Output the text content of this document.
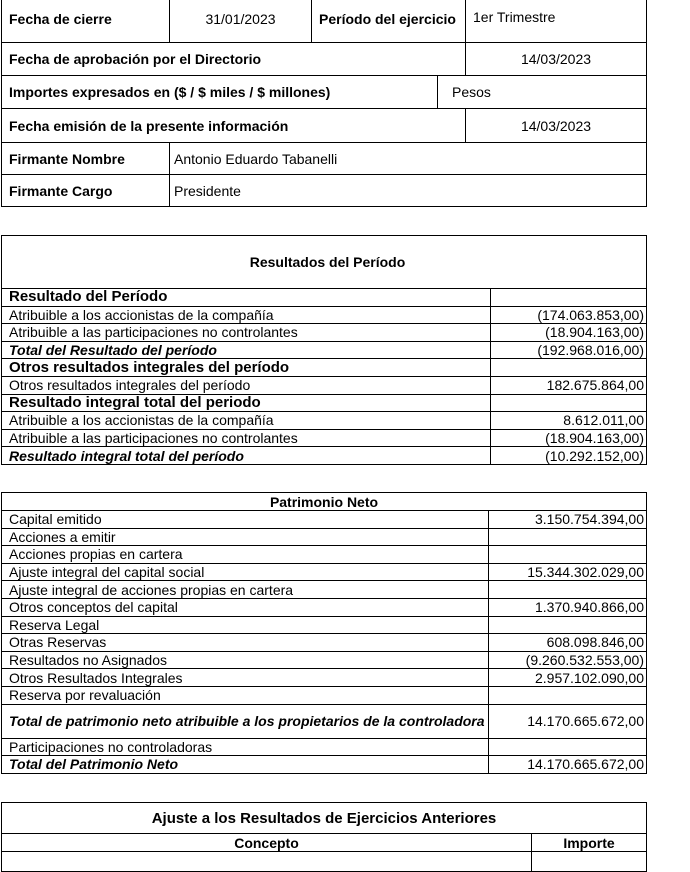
Fecha de cierre	31/01/2023	Período del ejercicio		1er Trimestre
Fecha de aprobación por el Directorio				14/03/2023
Importes expresados en ($ / $ miles / $ millones)			Pesos	
Fecha emisión de la presente información				14/03/2023
Firmante Nombre	Antonio Eduardo Tabanelli			
Firmante Cargo	Presidente			
Resultados del Período	
Resultado del Período	
Atribuible a los accionistas de la compañía	(174.063.853,00)
Atribuible a las participaciones no controlantes	(18.904.163,00)
Total del Resultado del período	(192.968.016,00)
Otros resultados integrales del período	
Otros resultados integrales del período	182.675.864,00
Resultado integral total del periodo	
Atribuible a los accionistas de la compañía	8.612.011,00
Atribuible a las participaciones no controlantes	(18.904.163,00)
Resultado integral total del período	(10.292.152,00)
Patrimonio Neto	
Capital emitido	3.150.754.394,00
Acciones a emitir	
Acciones propias en cartera	
Ajuste integral del capital social	15.344.302.029,00
Ajuste integral de acciones propias en cartera	
Otros conceptos del capital	1.370.940.866,00
Reserva Legal	
Otras Reservas	608.098.846,00
Resultados no Asignados	(9.260.532.553,00)
Otros Resultados Integrales	2.957.102.090,00
Reserva por revaluación	
Total de patrimonio neto atribuible a los propietarios de la controladora	14.170.665.672,00
Participaciones no controladoras	
Total del Patrimonio Neto	14.170.665.672,00
Ajuste a los Resultados de Ejercicios Anteriores	
Concepto	Importe
